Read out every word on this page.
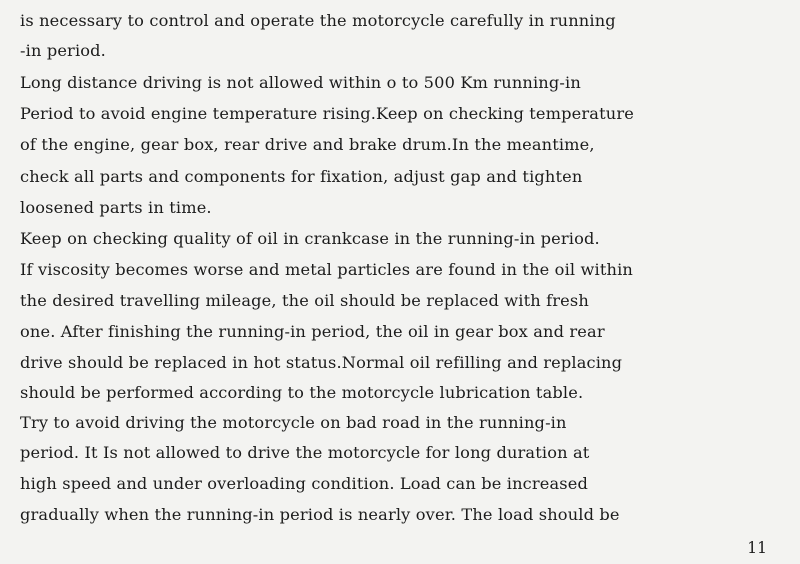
is necessary to control and operate the motorcycle carefully in running
-in period.
Long distance driving is not allowed within o to 500 Km running-in
Period to avoid engine temperature rising.Keep on checking temperature
of the engine, gear box, rear drive and brake drum.In the meantime,
check all parts and components for fixation, adjust gap and tighten
loosened parts in time.
Keep on checking quality of oil in crankcase in the running-in period.
If viscosity becomes worse and metal particles are found in the oil within
the desired travelling mileage, the oil should be replaced with fresh
one. After finishing the running-in period, the oil in gear box and rear
drive should be replaced in hot status.Normal oil refilling and replacing
should be performed according to the motorcycle lubrication table.
Try to avoid driving the motorcycle on bad road in the running-in
period. It Is not allowed to drive the motorcycle for long duration at
high speed and under overloading condition. Load can be increased
gradually when the running-in period is nearly over. The load should be
11
